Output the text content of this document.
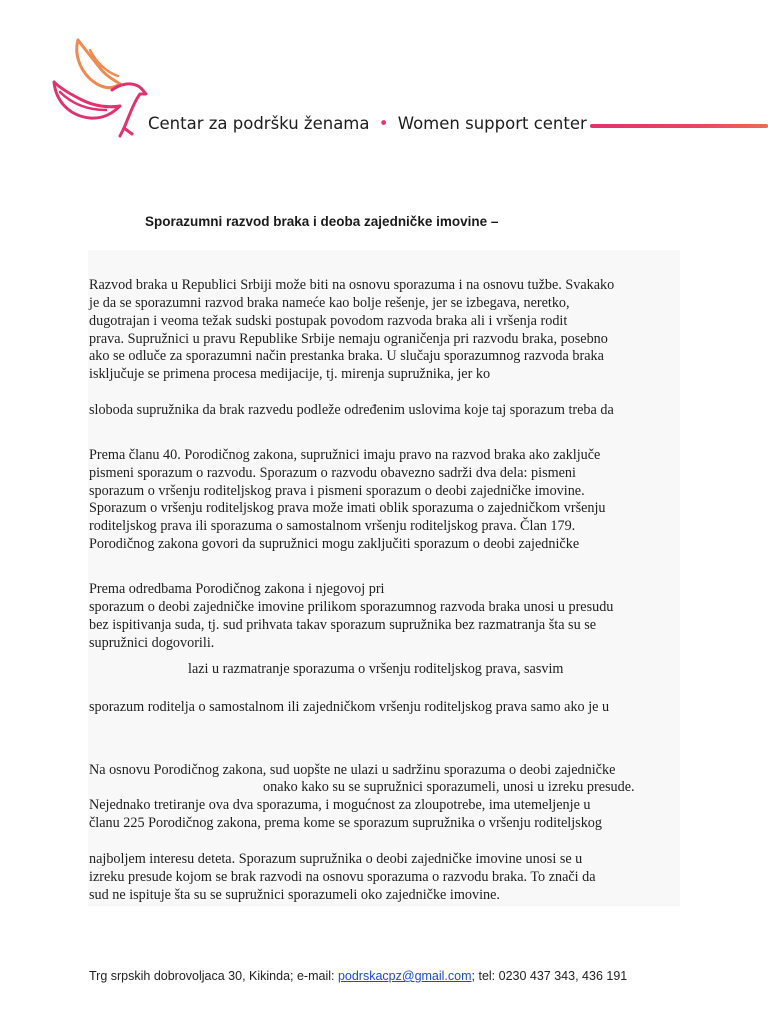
Centar za podršku ženama • Women support center
Sporazumni razvod braka i deoba zajedničke imovine –
Razvod braka u Republici Srbiji može biti na osnovu sporazuma i na osnovu tužbe. Svakako
je da se sporazumni razvod braka nameće kao bolje rešenje, jer se izbegava, neretko,
dugotrajan i veoma težak sudski postupak povodom razvoda braka ali i vršenja rodit
prava. Supružnici u pravu Republike Srbije nemaju ograničenja pri razvodu braka, posebno
ako se odluče za sporazumni način prestanka braka. U slučaju sporazumnog razvoda braka
isključuje se primena procesa medijacije, tj. mirenja supružnika, jer ko
sloboda supružnika da brak razvedu podleže određenim uslovima koje taj sporazum treba da
Prema članu 40. Porodičnog zakona, supružnici imaju pravo na razvod braka ako zaključe
pismeni sporazum o razvodu. Sporazum o razvodu obavezno sadrži dva dela: pismeni
sporazum o vršenju roditeljskog prava i pismeni sporazum o deobi zajedničke imovine.
Sporazum o vršenju roditeljskog prava može imati oblik sporazuma o zajedničkom vršenju
roditeljskog prava ili sporazuma o samostalnom vršenju roditeljskog prava. Član 179.
Porodičnog zakona govori da supružnici mogu zaključiti sporazum o deobi zajedničke
Prema odredbama Porodičnog zakona i njegovoj pri
sporazum o deobi zajedničke imovine prilikom sporazumnog razvoda braka unosi u presudu
bez ispitivanja suda, tj. sud prihvata takav sporazum supružnika bez razmatranja šta su se
supružnici dogovorili.
lazi u razmatranje sporazuma o vršenju roditeljskog prava, sasvim
sporazum roditelja o samostalnom ili zajedničkom vršenju roditeljskog prava samo ako je u
Na osnovu Porodičnog zakona, sud uopšte ne ulazi u sadržinu sporazuma o deobi zajedničke
onako kako su se supružnici sporazumeli, unosi u izreku presude.
Nejednako tretiranje ova dva sporazuma, i mogućnost za zloupotrebe, ima utemeljenje u
članu 225 Porodičnog zakona, prema kome se sporazum supružnika o vršenju roditeljskog
najboljem interesu deteta. Sporazum supružnika o deobi zajedničke imovine unosi se u
izreku presude kojom se brak razvodi na osnovu sporazuma o razvodu braka. To znači da
sud ne ispituje šta su se supružnici sporazumeli oko zajedničke imovine.
Trg srpskih dobrovoljaca 30, Kikinda; e-mail: podrskacpz@gmail.com; tel: 0230 437 343, 436 191
